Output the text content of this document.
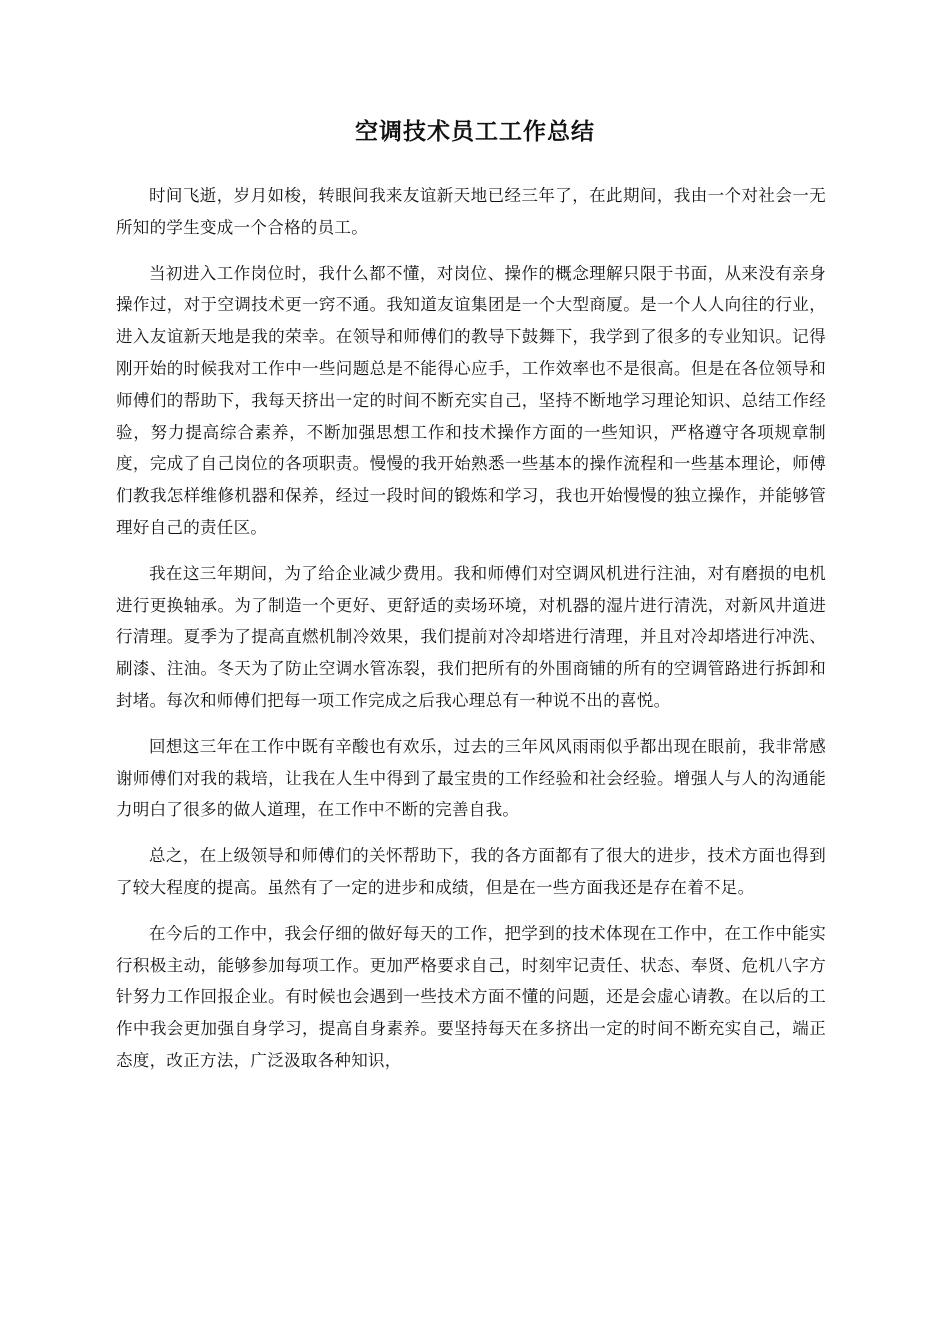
空调技术员工工作总结

时间飞逝，岁月如梭，转眼间我来友谊新天地已经三年了，在此期间，我由一个对社会一无所知的学生变成一个合格的员工。

当初进入工作岗位时，我什么都不懂，对岗位、操作的概念理解只限于书面，从来没有亲身操作过，对于空调技术更一窍不通。我知道友谊集团是一个大型商厦。是一个人人向往的行业，进入友谊新天地是我的荣幸。在领导和师傅们的教导下鼓舞下，我学到了很多的专业知识。记得刚开始的时候我对工作中一些问题总是不能得心应手，工作效率也不是很高。但是在各位领导和师傅们的帮助下，我每天挤出一定的时间不断充实自己，坚持不断地学习理论知识、总结工作经验，努力提高综合素养，不断加强思想工作和技术操作方面的一些知识，严格遵守各项规章制度，完成了自己岗位的各项职责。慢慢的我开始熟悉一些基本的操作流程和一些基本理论，师傅们教我怎样维修机器和保养，经过一段时间的锻炼和学习，我也开始慢慢的独立操作，并能够管理好自己的责任区。

我在这三年期间，为了给企业减少费用。我和师傅们对空调风机进行注油，对有磨损的电机进行更换轴承。为了制造一个更好、更舒适的卖场环境，对机器的湿片进行清洗，对新风井道进行清理。夏季为了提高直燃机制冷效果，我们提前对冷却塔进行清理，并且对冷却塔进行冲洗、刷漆、注油。冬天为了防止空调水管冻裂，我们把所有的外围商铺的所有的空调管路进行拆卸和封堵。每次和师傅们把每一项工作完成之后我心理总有一种说不出的喜悦。

回想这三年在工作中既有辛酸也有欢乐，过去的三年风风雨雨似乎都出现在眼前，我非常感谢师傅们对我的栽培，让我在人生中得到了最宝贵的工作经验和社会经验。增强人与人的沟通能力明白了很多的做人道理，在工作中不断的完善自我。

总之，在上级领导和师傅们的关怀帮助下，我的各方面都有了很大的进步，技术方面也得到了较大程度的提高。虽然有了一定的进步和成绩，但是在一些方面我还是存在着不足。

在今后的工作中，我会仔细的做好每天的工作，把学到的技术体现在工作中，在工作中能实行积极主动，能够参加每项工作。更加严格要求自己，时刻牢记责任、状态、奉贤、危机八字方针努力工作回报企业。有时候也会遇到一些技术方面不懂的问题，还是会虚心请教。在以后的工作中我会更加强自身学习，提高自身素养。要坚持每天在多挤出一定的时间不断充实自己，端正态度，改正方法，广泛汲取各种知识，
